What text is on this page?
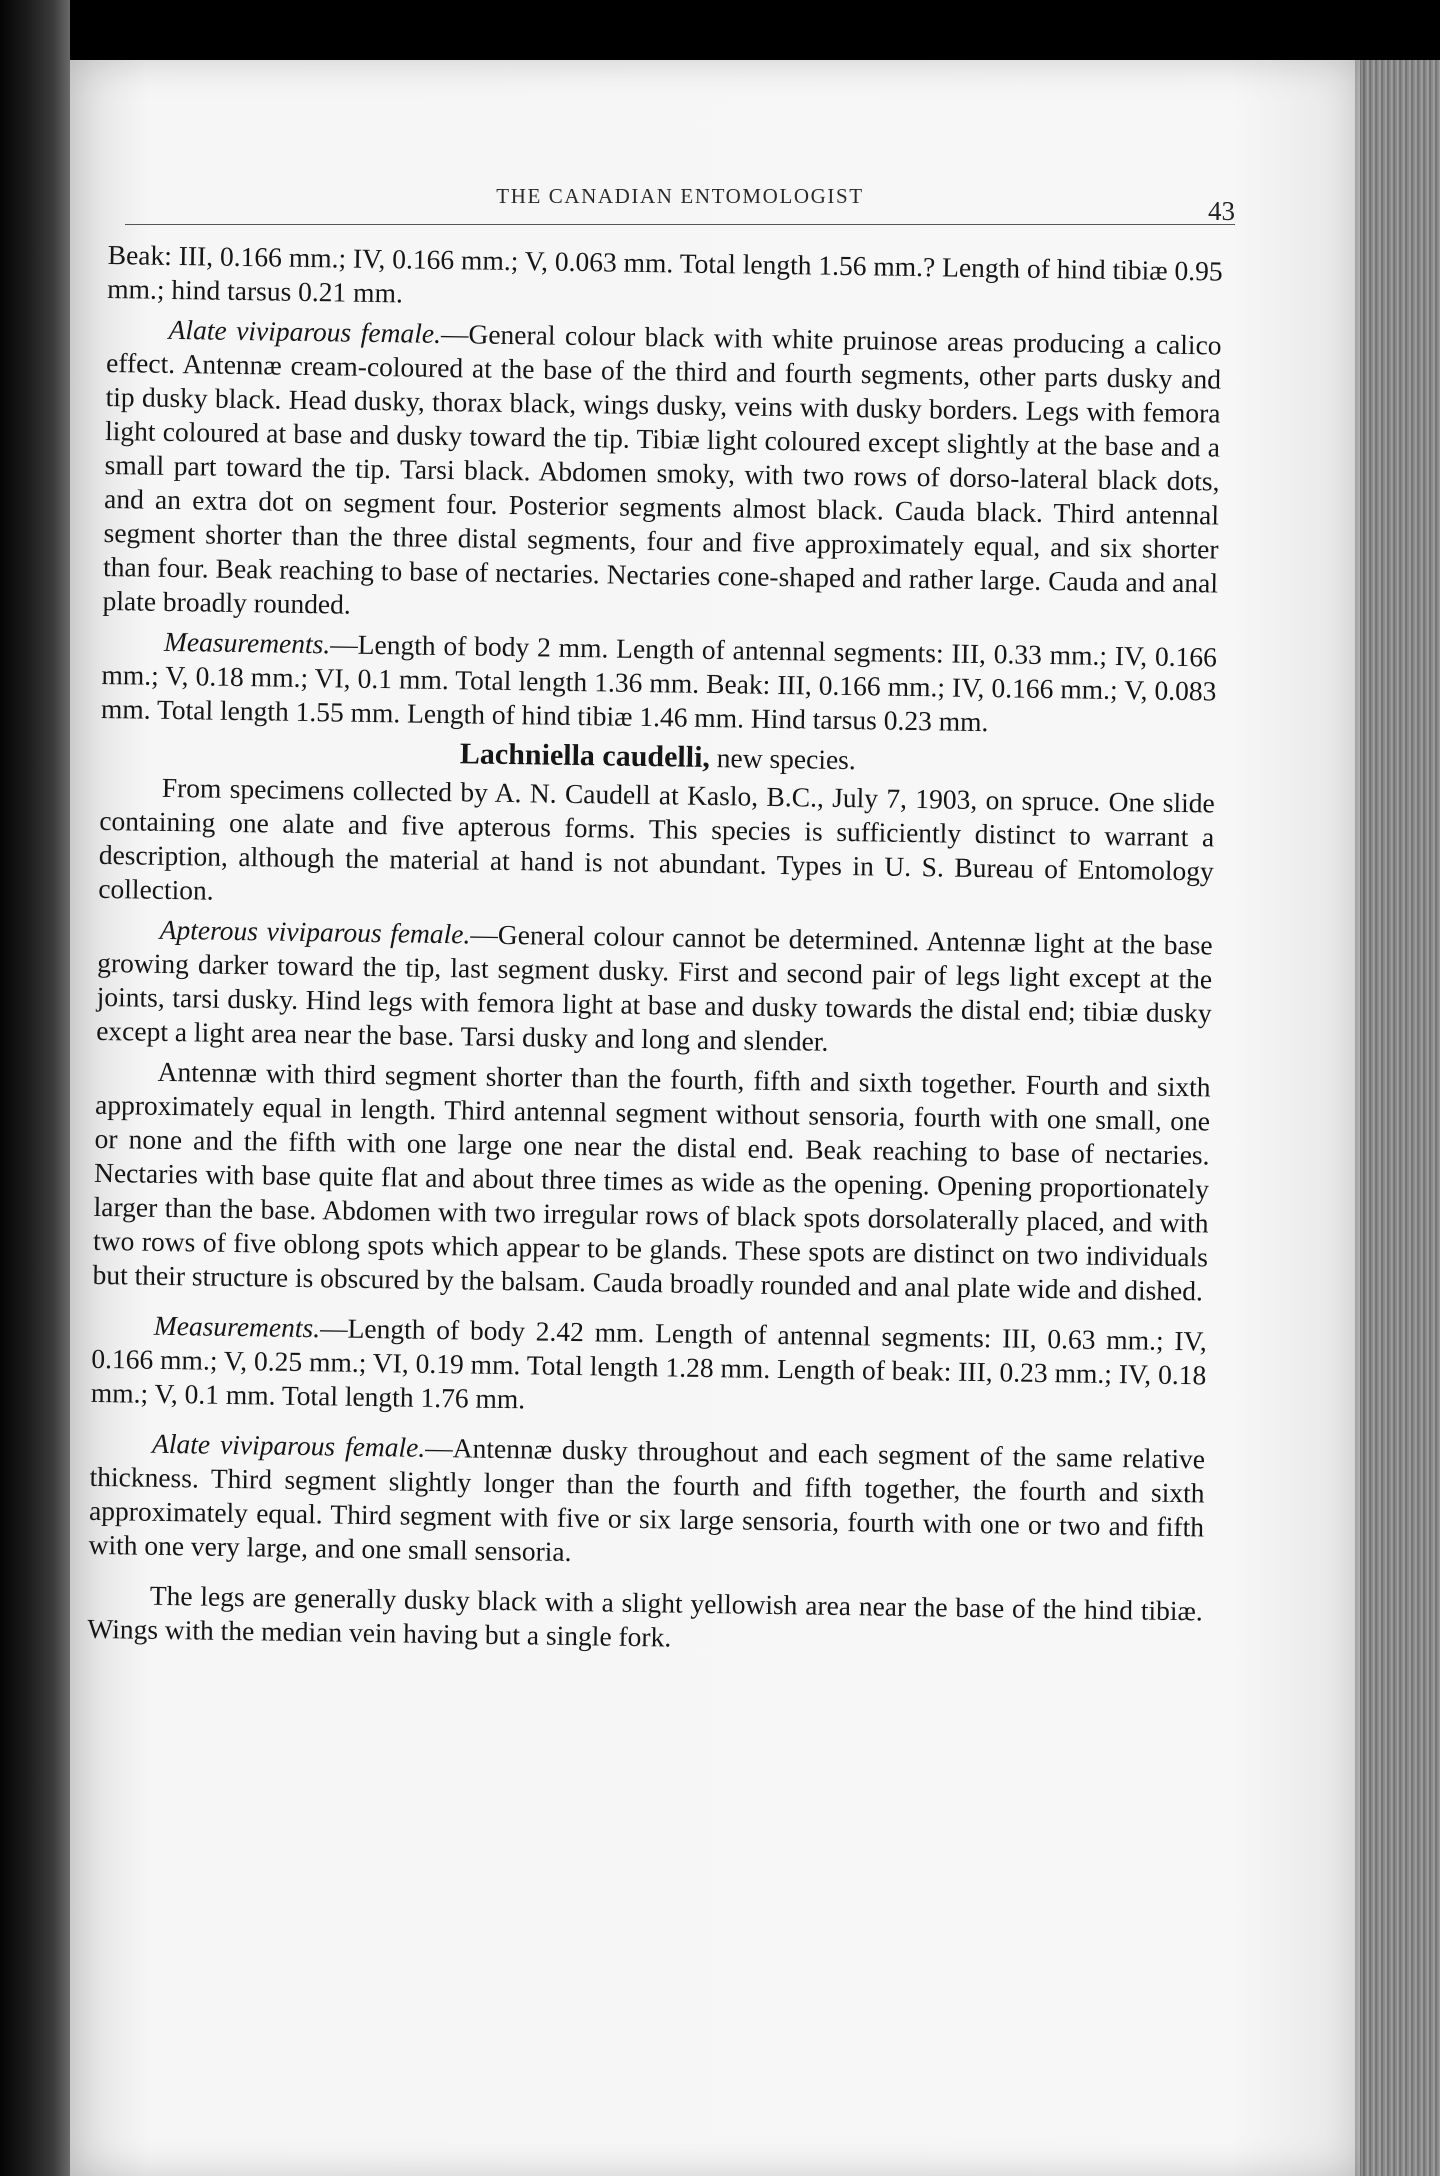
THE CANADIAN ENTOMOLOGIST	43

Beak: III, 0.166 mm.; IV, 0.166 mm.; V, 0.063 mm. Total length 1.56 mm.? Length of hind tibiæ 0.95 mm.; hind tarsus 0.21 mm.

Alate viviparous female.—General colour black with white pruinose areas producing a calico effect. Antennæ cream-coloured at the base of the third and fourth segments, other parts dusky and tip dusky black. Head dusky, thorax black, wings dusky, veins with dusky borders. Legs with femora light coloured at base and dusky toward the tip. Tibiæ light coloured except slightly at the base and a small part toward the tip. Tarsi black. Abdomen smoky, with two rows of dorso-lateral black dots, and an extra dot on segment four. Posterior segments almost black. Cauda black. Third antennal segment shorter than the three distal segments, four and five approximately equal, and six shorter than four. Beak reaching to base of nectaries. Nectaries cone-shaped and rather large. Cauda and anal plate broadly rounded.

Measurements.—Length of body 2 mm. Length of antennal segments: III, 0.33 mm.; IV, 0.166 mm.; V, 0.18 mm.; VI, 0.1 mm. Total length 1.36 mm. Beak: III, 0.166 mm.; IV, 0.166 mm.; V, 0.083 mm. Total length 1.55 mm. Length of hind tibiæ 1.46 mm. Hind tarsus 0.23 mm.

Lachniella caudelli, new species.

From specimens collected by A. N. Caudell at Kaslo, B.C., July 7, 1903, on spruce. One slide containing one alate and five apterous forms. This species is sufficiently distinct to warrant a description, although the material at hand is not abundant. Types in U. S. Bureau of Entomology collection.

Apterous viviparous female.—General colour cannot be determined. Antennæ light at the base growing darker toward the tip, last segment dusky. First and second pair of legs light except at the joints, tarsi dusky. Hind legs with femora light at base and dusky towards the distal end; tibiæ dusky except a light area near the base. Tarsi dusky and long and slender.

Antennæ with third segment shorter than the fourth, fifth and sixth together. Fourth and sixth approximately equal in length. Third antennal segment without sensoria, fourth with one small, one or none and the fifth with one large one near the distal end. Beak reaching to base of nectaries. Nectaries with base quite flat and about three times as wide as the opening. Opening proportionately larger than the base. Abdomen with two irregular rows of black spots dorsolaterally placed, and with two rows of five oblong spots which appear to be glands. These spots are distinct on two individuals but their structure is obscured by the balsam. Cauda broadly rounded and anal plate wide and dished.

Measurements.—Length of body 2.42 mm. Length of antennal segments: III, 0.63 mm.; IV, 0.166 mm.; V, 0.25 mm.; VI, 0.19 mm. Total length 1.28 mm. Length of beak: III, 0.23 mm.; IV, 0.18 mm.; V, 0.1 mm. Total length 1.76 mm.

Alate viviparous female.—Antennæ dusky throughout and each segment of the same relative thickness. Third segment slightly longer than the fourth and fifth together, the fourth and sixth approximately equal. Third segment with five or six large sensoria, fourth with one or two and fifth with one very large, and one small sensoria.

The legs are generally dusky black with a slight yellowish area near the base of the hind tibiæ. Wings with the median vein having but a single fork.
